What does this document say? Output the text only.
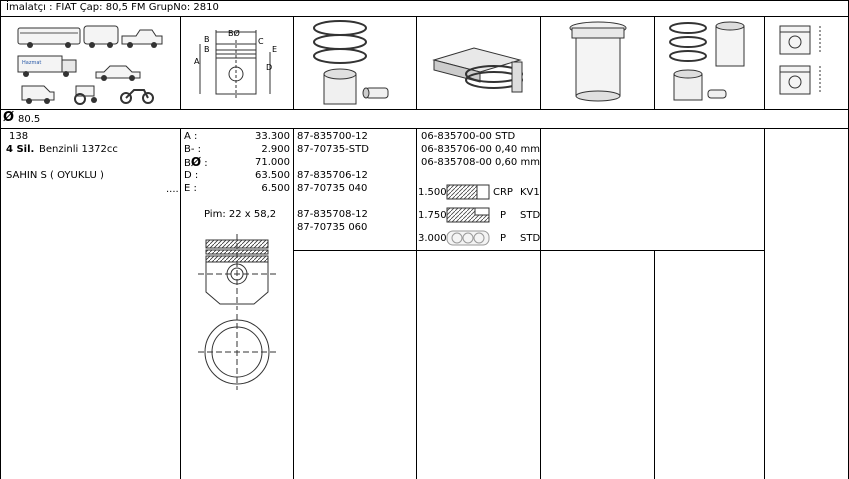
İmalatçı : FIAT Çap: 80,5 FM GrupNo: 2810
Hazmat
B
B
BØ
C
E
A
D
Ø 80.5
138
4 Sil. Benzinli 1372cc
SAHIN S ( OYUKLU )
....
A :	33.300
B- :	2.900
BØ :	71.000
D :	63.500
E :	6.500
Pim: 22 x 58,2
87-835700-12
87-70735-STD
87-835706-12
87-70735 040
87-835708-12
87-70735 060
06-835700-00 STD
06-835706-00 0,40 mm
06-835708-00 0,60 mm
1.500	CRP KV1
1.750	P STD
3.000	P STD
